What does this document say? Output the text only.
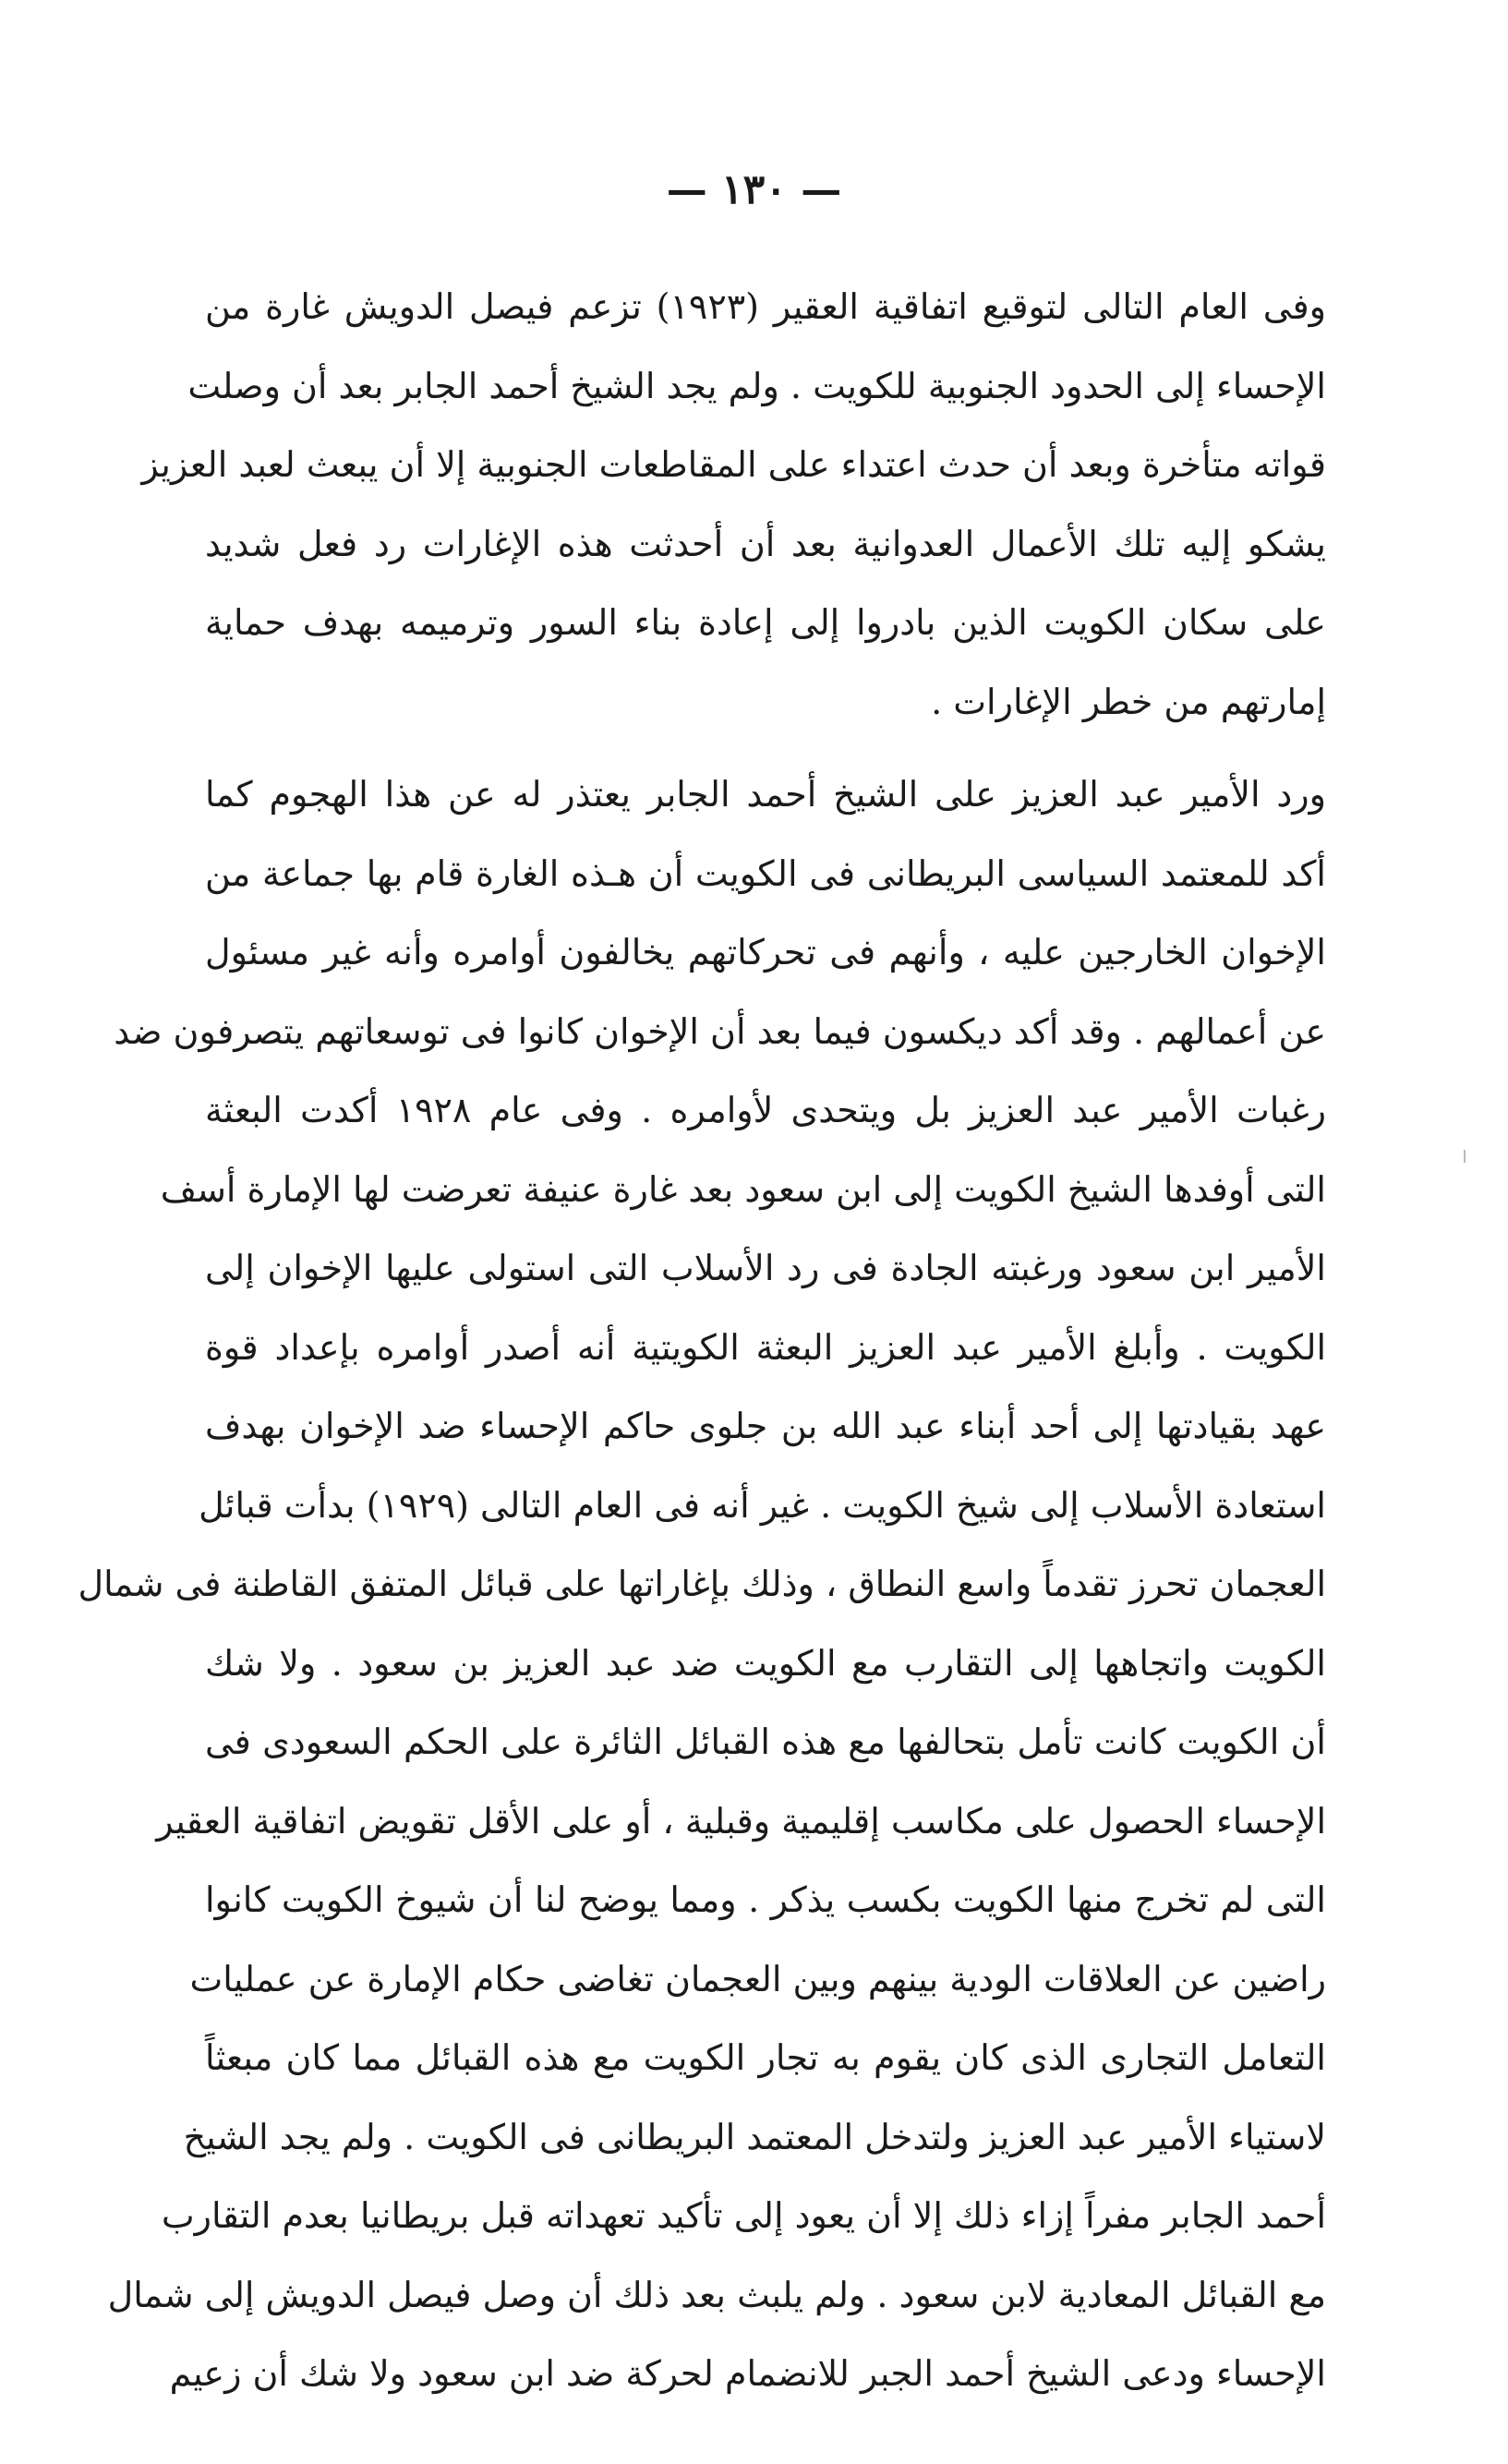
— ١٣٠ —
وفى العام التالى لتوقيع اتفاقية العقير (١٩٢٣) تزعم فيصل الدويش غارة من
الإحساء إلى الحدود الجنوبية للكويت . ولم يجد الشيخ أحمد الجابر بعد أن وصلت
قواته متأخرة وبعد أن حدث اعتداء على المقاطعات الجنوبية إلا أن يبعث لعبد العزيز
يشكو إليه تلك الأعمال العدوانية بعد أن أحدثت هذه الإغارات رد فعل شديد
على سكان الكويت الذين بادروا إلى إعادة بناء السور وترميمه بهدف حماية
إمارتهم من خطر الإغارات .
ورد الأمير عبد العزيز على الشيخ أحمد الجابر يعتذر له عن هذا الهجوم كما
أكد للمعتمد السياسى البريطانى فى الكويت أن هـذه الغارة قام بها جماعة من
الإخوان الخارجين عليه ، وأنهم فى تحركاتهم يخالفون أوامره وأنه غير مسئول
عن أعمالهم . وقد أكد ديكسون فيما بعد أن الإخوان كانوا فى توسعاتهم يتصرفون ضد
رغبات الأمير عبد العزيز بل ويتحدى لأوامره . وفى عام ١٩٢٨ أكدت البعثة
التى أوفدها الشيخ الكويت إلى ابن سعود بعد غارة عنيفة تعرضت لها الإمارة أسف
الأمير ابن سعود ورغبته الجادة فى رد الأسلاب التى استولى عليها الإخوان إلى
الكويت . وأبلغ الأمير عبد العزيز البعثة الكويتية أنه أصدر أوامره بإعداد قوة
عهد بقيادتها إلى أحد أبناء عبد الله بن جلوى حاكم الإحساء ضد الإخوان بهدف
استعادة الأسلاب إلى شيخ الكويت . غير أنه فى العام التالى (١٩٢٩) بدأت قبائل
العجمان تحرز تقدماً واسع النطاق ، وذلك بإغاراتها على قبائل المتفق القاطنة فى شمال
الكويت واتجاهها إلى التقارب مع الكويت ضد عبد العزيز بن سعود . ولا شك
أن الكويت كانت تأمل بتحالفها مع هذه القبائل الثائرة على الحكم السعودى فى
الإحساء الحصول على مكاسب إقليمية وقبلية ، أو على الأقل تقويض اتفاقية العقير
التى لم تخرج منها الكويت بكسب يذكر . ومما يوضح لنا أن شيوخ الكويت كانوا
راضين عن العلاقات الودية بينهم وبين العجمان تغاضى حكام الإمارة عن عمليات
التعامل التجارى الذى كان يقوم به تجار الكويت مع هذه القبائل مما كان مبعثاً
لاستياء الأمير عبد العزيز ولتدخل المعتمد البريطانى فى الكويت . ولم يجد الشيخ
أحمد الجابر مفراً إزاء ذلك إلا أن يعود إلى تأكيد تعهداته قبل بريطانيا بعدم التقارب
مع القبائل المعادية لابن سعود . ولم يلبث بعد ذلك أن وصل فيصل الدويش إلى شمال
الإحساء ودعى الشيخ أحمد الجبر للانضمام لحركة ضد ابن سعود ولا شك أن زعيم
